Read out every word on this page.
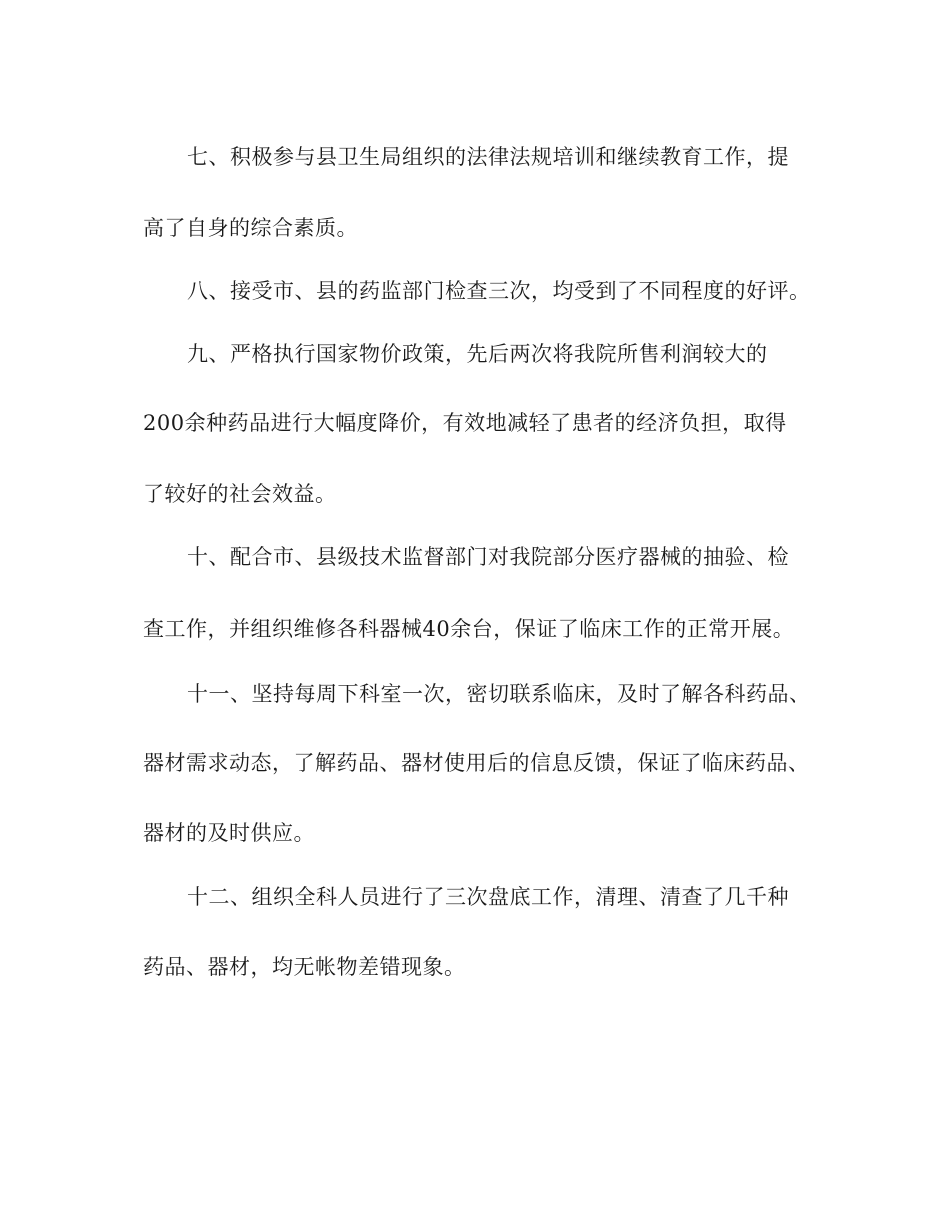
七、积极参与县卫生局组织的法律法规培训和继续教育工作，提
高了自身的综合素质。
八、接受市、县的药监部门检查三次，均受到了不同程度的好评。
九、严格执行国家物价政策，先后两次将我院所售利润较大的
200余种药品进行大幅度降价，有效地减轻了患者的经济负担，取得
了较好的社会效益。
十、配合市、县级技术监督部门对我院部分医疗器械的抽验、检
查工作，并组织维修各科器械40余台，保证了临床工作的正常开展。
十一、坚持每周下科室一次，密切联系临床，及时了解各科药品、
器材需求动态，了解药品、器材使用后的信息反馈，保证了临床药品、
器材的及时供应。
十二、组织全科人员进行了三次盘底工作，清理、清查了几千种
药品、器材，均无帐物差错现象。
